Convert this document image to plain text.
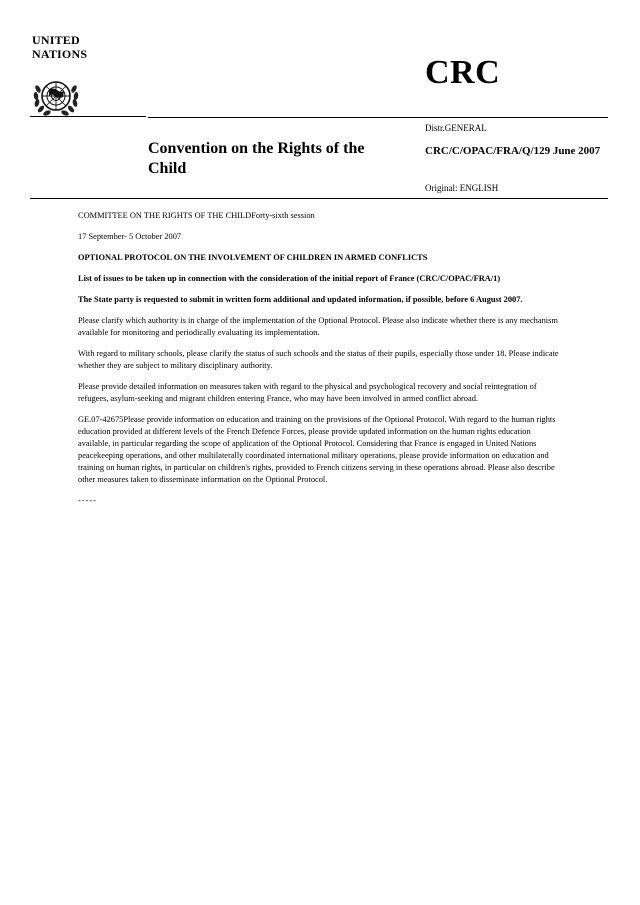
UNITED
NATIONS	CRC
Convention on the Rights of the Child
Distr.GENERAL
CRC/C/OPAC/FRA/Q/129 June 2007
Original: ENGLISH

COMMITTEE ON THE RIGHTS OF THE CHILDForty-sixth session

17 September- 5 October 2007

OPTIONAL PROTOCOL ON THE INVOLVEMENT OF CHILDREN IN ARMED CONFLICTS

List of issues to be taken up in connection with the consideration of the initial report of France (CRC/C/OPAC/FRA/1)

The State party is requested to submit in written form additional and updated information, if possible, before 6 August 2007.

Please clarify which authority is in charge of the implementation of the Optional Protocol. Please also indicate whether there is any mechanism available for monitoring and periodically evaluating its implementation.

With regard to military schools, please clarify the status of such schools and the status of their pupils, especially those under 18. Please indicate whether they are subject to military disciplinary authority.

Please provide detailed information on measures taken with regard to the physical and psychological recovery and social reintegration of refugees, asylum-seeking and migrant children entering France, who may have been involved in armed conflict abroad.

GE.07-42675Please provide information on education and training on the provisions of the Optional Protocol. With regard to the human rights education provided at different levels of the French Defence Forces, please provide updated information on the human rights education available, in particular regarding the scope of application of the Optional Protocol. Considering that France is engaged in United Nations peacekeeping operations, and other multilaterally coordinated international military operations, please provide information on education and training on human rights, in particular on children's rights, provided to French citizens serving in these operations abroad. Please also describe other measures taken to disseminate information on the Optional Protocol.

-----
